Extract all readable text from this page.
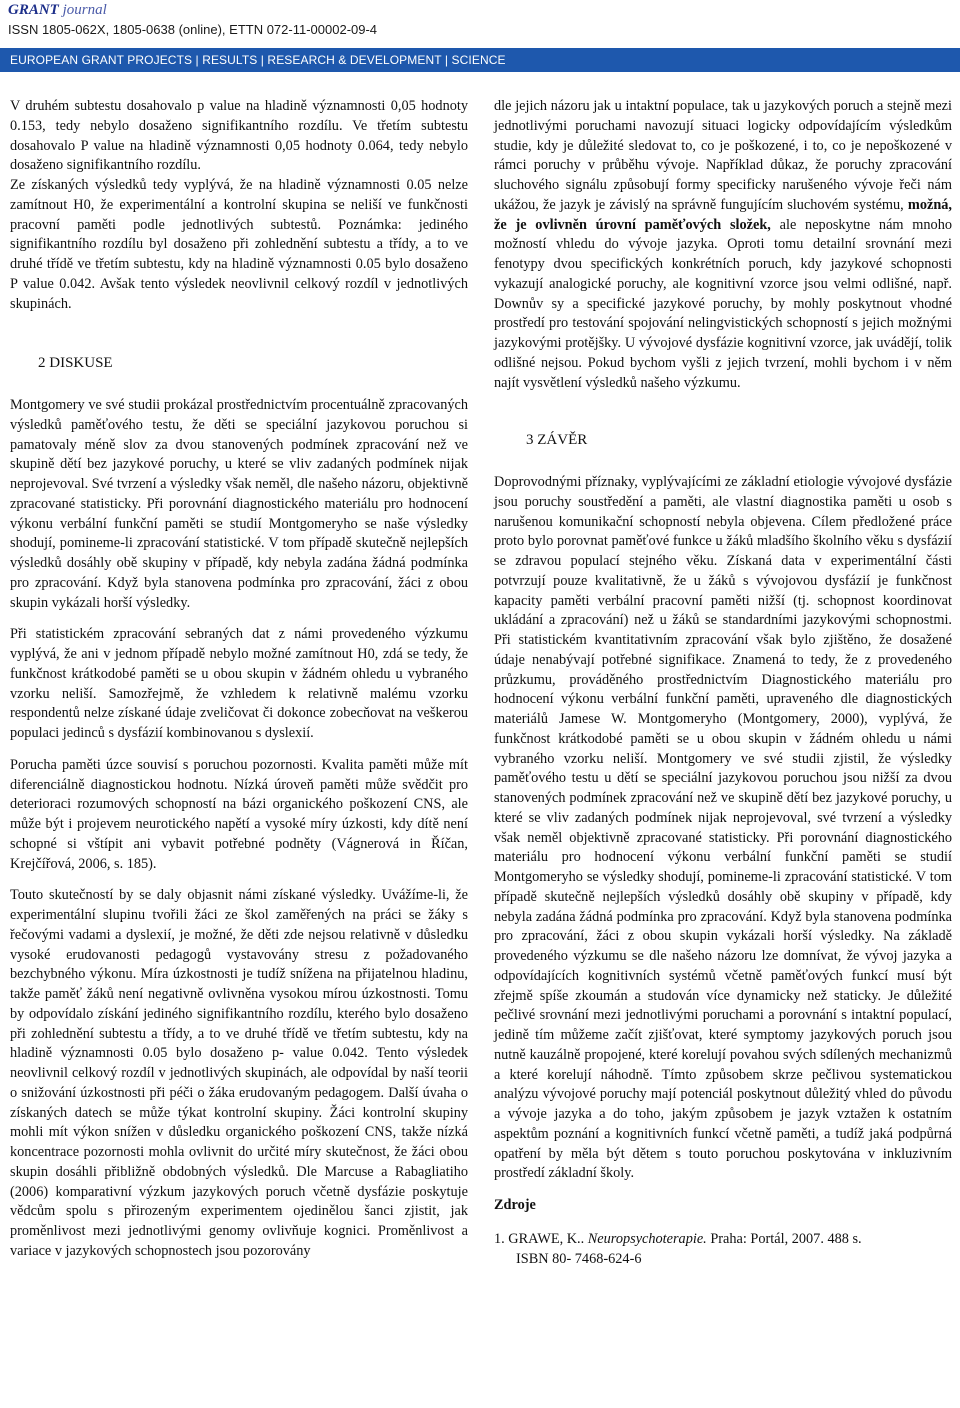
GRANT journal
ISSN 1805-062X, 1805-0638 (online), ETTN 072-11-00002-09-4
EUROPEAN GRANT PROJECTS | RESULTS | RESEARCH & DEVELOPMENT | SCIENCE

V druhém subtestu dosahovalo p value na hladině významnosti 0,05 hodnoty 0.153, tedy nebylo dosaženo signifikantního rozdílu. Ve třetím subtestu dosahovalo P value na hladině významnosti 0,05 hodnoty 0.064, tedy nebylo dosaženo signifikantního rozdílu.

Ze získaných výsledků tedy vyplývá, že na hladině významnosti 0.05 nelze zamítnout H0, že experimentální a kontrolní skupina se neliší ve funkčnosti pracovní paměti podle jednotlivých subtestů. Poznámka: jediného signifikantního rozdílu byl dosaženo při zohlednění subtestu a třídy, a to ve druhé třídě ve třetím subtestu, kdy na hladině významnosti 0.05 bylo dosaženo P value 0.042. Avšak tento výsledek neovlivnil celkový rozdíl v jednotlivých skupinách.

2 DISKUSE

Montgomery ve své studii prokázal prostřednictvím procentuálně zpracovaných výsledků paměťového testu, že děti se speciální jazykovou poruchou si pamatovaly méně slov za dvou stanovených podmínek zpracování než ve skupině dětí bez jazykové poruchy, u které se vliv zadaných podmínek nijak neprojevoval. Své tvrzení a výsledky však neměl, dle našeho názoru, objektivně zpracované statisticky. Při porovnání diagnostického materiálu pro hodnocení výkonu verbální funkční paměti se studií Montgomeryho se naše výsledky shodují, pomineme-li zpracování statistické. V tom případě skutečně nejlepších výsledků dosáhly obě skupiny v případě, kdy nebyla zadána žádná podmínka pro zpracování. Když byla stanovena podmínka pro zpracování, žáci z obou skupin vykázali horší výsledky.

Při statistickém zpracování sebraných dat z námi provedeného výzkumu vyplývá, že ani v jednom případě nebylo možné zamítnout H0, zdá se tedy, že funkčnost krátkodobé paměti se u obou skupin v žádném ohledu u vybraného vzorku neliší. Samozřejmě, že vzhledem k relativně malému vzorku respondentů nelze získané údaje zveličovat či dokonce zobecňovat na veškerou populaci jedinců s dysfázií kombinovanou s dyslexií.

Porucha paměti úzce souvisí s poruchou pozornosti. Kvalita paměti může mít diferenciálně diagnostickou hodnotu. Nízká úroveň paměti může svědčit pro deterioraci rozumových schopností na bázi organického poškození CNS, ale může být i projevem neurotického napětí a vysoké míry úzkosti, kdy dítě není schopné si vštípit ani vybavit potřebné podněty (Vágnerová in Říčan, Krejčířová, 2006, s. 185).

Touto skutečností by se daly objasnit námi získané výsledky. Uvážíme-li, že experimentální slupinu tvořili žáci ze škol zaměřených na práci se žáky s řečovými vadami a dyslexií, je možné, že děti zde nejsou relativně v důsledku vysoké erudovanosti pedagogů vystavovány stresu z požadovaného bezchybného výkonu. Míra úzkostnosti je tudíž snížena na přijatelnou hladinu, takže paměť žáků není negativně ovlivněna vysokou mírou úzkostnosti. Tomu by odpovídalo získání jediného signifikantního rozdílu, kterého bylo dosaženo při zohlednění subtestu a třídy, a to ve druhé třídě ve třetím subtestu, kdy na hladině významnosti 0.05 bylo dosaženo p- value 0.042. Tento výsledek neovlivnil celkový rozdíl v jednotlivých skupinách, ale odpovídal by naší teorii o snižování úzkostnosti při péči o žáka erudovaným pedagogem. Další úvaha o získaných datech se může týkat kontrolní skupiny. Žáci kontrolní skupiny mohli mít výkon snížen v důsledku organického poškození CNS, takže nízká koncentrace pozornosti mohla ovlivnit do určité míry skutečnost, že žáci obou skupin dosáhli přibližně obdobných výsledků. Dle Marcuse a Rabagliatiho (2006) komparativní výzkum jazykových poruch včetně dysfázie poskytuje vědcům spolu s přirozeným experimentem ojedinělou šanci zjistit, jak proměnlivost mezi jednotlivými genomy ovlivňuje kognici. Proměnlivost a variace v jazykových schopnostech jsou pozorovány

dle jejich názoru jak u intaktní populace, tak u jazykových poruch a stejně mezi jednotlivými poruchami navozují situaci logicky odpovídajícím výsledkům studie, kdy je důležité sledovat to, co je poškozené, i to, co je nepoškozené v rámci poruchy v průběhu vývoje. Například důkaz, že poruchy zpracování sluchového signálu způsobují formy specificky narušeného vývoje řeči nám ukážou, že jazyk je závislý na správně fungujícím sluchovém systému, možná, že je ovlivněn úrovní paměťových složek, ale neposkytne nám mnoho možností vhledu do vývoje jazyka. Oproti tomu detailní srovnání mezi fenotypy dvou specifických konkrétních poruch, kdy jazykové schopnosti vykazují analogické poruchy, ale kognitivní vzorce jsou velmi odlišné, např. Downův sy a specifické jazykové poruchy, by mohly poskytnout vhodné prostředí pro testování spojování nelingvistických schopností s jejich možnými jazykovými protějšky. U vývojové dysfázie kognitivní vzorce, jak uvádějí, tolik odlišné nejsou. Pokud bychom vyšli z jejich tvrzení, mohli bychom i v něm najít vysvětlení výsledků našeho výzkumu.

3 ZÁVĚR

Doprovodnými příznaky, vyplývajícími ze základní etiologie vývojové dysfázie jsou poruchy soustředění a paměti, ale vlastní diagnostika paměti u osob s narušenou komunikační schopností nebyla objevena. Cílem předložené práce proto bylo porovnat paměťové funkce u žáků mladšího školního věku s dysfázií se zdravou populací stejného věku. Získaná data v experimentální části potvrzují pouze kvalitativně, že u žáků s vývojovou dysfázií je funkčnost kapacity paměti verbální pracovní paměti nižší (tj. schopnost koordinovat ukládání a zpracování) než u žáků se standardními jazykovými schopnostmi. Při statistickém kvantitativním zpracování však bylo zjištěno, že dosažené údaje nenabývají potřebné signifikace. Znamená to tedy, že z provedeného průzkumu, prováděného prostřednictvím Diagnostického materiálu pro hodnocení výkonu verbální funkční paměti, upraveného dle diagnostických materiálů Jamese W. Montgomeryho (Montgomery, 2000), vyplývá, že funkčnost krátkodobé paměti se u obou skupin v žádném ohledu u námi vybraného vzorku neliší. Montgomery ve své studii zjistil, že výsledky paměťového testu u dětí se speciální jazykovou poruchou jsou nižší za dvou stanovených podmínek zpracování než ve skupině dětí bez jazykové poruchy, u které se vliv zadaných podmínek nijak neprojevoval, své tvrzení a výsledky však neměl objektivně zpracované statisticky. Při porovnání diagnostického materiálu pro hodnocení výkonu verbální funkční paměti se studií Montgomeryho se výsledky shodují, pomineme-li zpracování statistické. V tom případě skutečně nejlepších výsledků dosáhly obě skupiny v případě, kdy nebyla zadána žádná podmínka pro zpracování. Když byla stanovena podmínka pro zpracování, žáci z obou skupin vykázali horší výsledky. Na základě provedeného výzkumu se dle našeho názoru lze domnívat, že vývoj jazyka a odpovídajících kognitivních systémů včetně paměťových funkcí musí být zřejmě spíše zkoumán a studován více dynamicky než staticky. Je důležité pečlivé srovnání mezi jednotlivými poruchami a porovnání s intaktní populací, jedině tím můžeme začít zjišťovat, které symptomy jazykových poruch jsou nutně kauzálně propojené, které korelují povahou svých sdílených mechanizmů a které korelují náhodně. Tímto způsobem skrze pečlivou systematickou analýzu vývojové poruchy mají potenciál poskytnout důležitý vhled do původu a vývoje jazyka a do toho, jakým způsobem je jazyk vztažen k ostatním aspektům poznání a kognitivních funkcí včetně paměti, a tudíž jaká podpůrná opatření by měla být dětem s touto poruchou poskytována v inkluzivním prostředí základní školy.

Zdroje

1. GRAWE, K.. Neuropsychoterapie. Praha: Portál, 2007. 488 s.
ISBN 80- 7468-624-6
